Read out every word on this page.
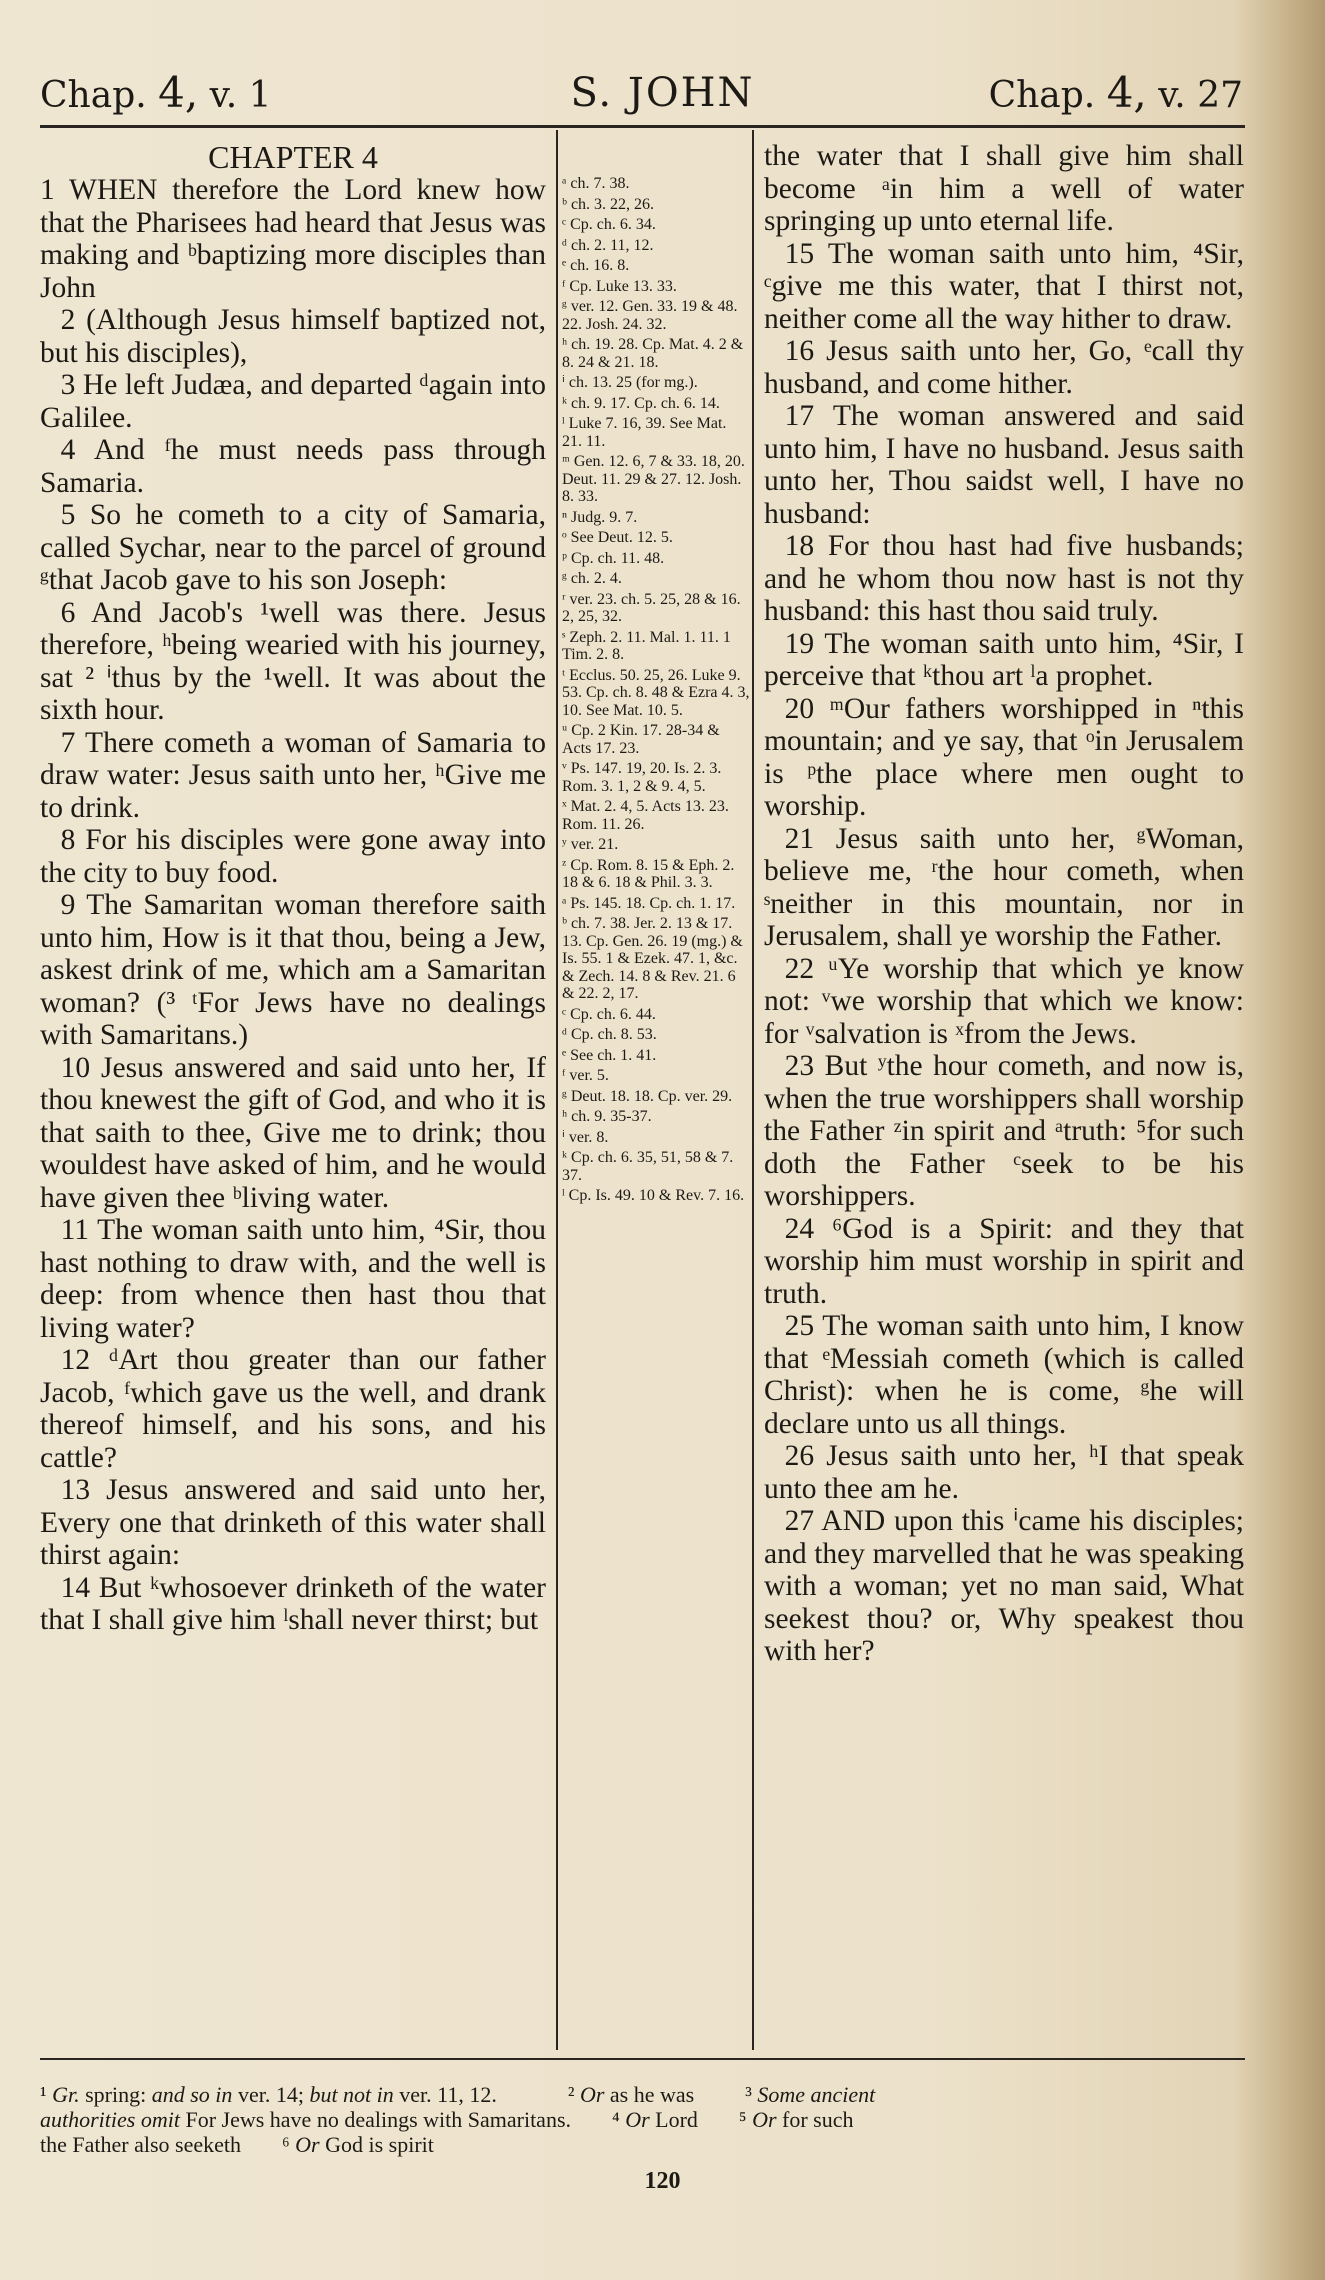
Chap. 4, v. 1	S. JOHN	Chap. 4, v. 27
CHAPTER 4
1 WHEN therefore the Lord knew how that the Pharisees had heard that Jesus was making and ᵇbaptizing more disciples than John
2 (Although Jesus himself baptized not, but his disciples),
3 He left Judæa, and departed ᵈagain into Galilee.
4 And ᶠhe must needs pass through Samaria.
5 So he cometh to a city of Samaria, called Sychar, near to the parcel of ground ᵍthat Jacob gave to his son Joseph:
6 And Jacob's ¹well was there. Jesus therefore, ʰbeing wearied with his journey, sat ² ⁱthus by the ¹well. It was about the sixth hour.
7 There cometh a woman of Samaria to draw water: Jesus saith unto her, ʰGive me to drink.
8 For his disciples were gone away into the city to buy food.
9 The Samaritan woman therefore saith unto him, How is it that thou, being a Jew, askest drink of me, which am a Samaritan woman? (³ ᵗFor Jews have no dealings with Samaritans.)
10 Jesus answered and said unto her, If thou knewest the gift of God, and who it is that saith to thee, Give me to drink; thou wouldest have asked of him, and he would have given thee ᵇliving water.
11 The woman saith unto him, ⁴Sir, thou hast nothing to draw with, and the well is deep: from whence then hast thou that living water?
12 ᵈArt thou greater than our father Jacob, ᶠwhich gave us the well, and drank thereof himself, and his sons, and his cattle?
13 Jesus answered and said unto her, Every one that drinketh of this water shall thirst again:
14 But ᵏwhosoever drinketh of the water that I shall give him ˡshall never thirst; but
ᵃ ch. 7. 38.
ᵇ ch. 3. 22, 26.
ᶜ Cp. ch. 6. 34.
ᵈ ch. 2. 11, 12.
ᵉ ch. 16. 8.
ᶠ Cp. Luke 13. 33.
ᵍ ver. 12. Gen. 33. 19 & 48. 22. Josh. 24. 32.
ʰ ch. 19. 28. Cp. Mat. 4. 2 & 8. 24 & 21. 18.
ⁱ ch. 13. 25 (for mg.).
ᵏ ch. 9. 17. Cp. ch. 6. 14.
ˡ Luke 7. 16, 39. See Mat. 21. 11.
ᵐ Gen. 12. 6, 7 & 33. 18, 20. Deut. 11. 29 & 27. 12. Josh. 8. 33.
ⁿ Judg. 9. 7.
ᵒ See Deut. 12. 5.
ᵖ Cp. ch. 11. 48.
ᵍ ch. 2. 4.
ʳ ver. 23. ch. 5. 25, 28 & 16. 2, 25, 32.
ˢ Zeph. 2. 11. Mal. 1. 11. 1 Tim. 2. 8.
ᵗ Ecclus. 50. 25, 26. Luke 9. 53. Cp. ch. 8. 48 & Ezra 4. 3, 10. See Mat. 10. 5.
ᵘ Cp. 2 Kin. 17. 28-34 & Acts 17. 23.
ᵛ Ps. 147. 19, 20. Is. 2. 3. Rom. 3. 1, 2 & 9. 4, 5.
ˣ Mat. 2. 4, 5. Acts 13. 23. Rom. 11. 26.
ʸ ver. 21.
ᶻ Cp. Rom. 8. 15 & Eph. 2. 18 & 6. 18 & Phil. 3. 3.
ᵃ Ps. 145. 18. Cp. ch. 1. 17.
ᵇ ch. 7. 38. Jer. 2. 13 & 17. 13. Cp. Gen. 26. 19 (mg.) & Is. 55. 1 & Ezek. 47. 1, &c. & Zech. 14. 8 & Rev. 21. 6 & 22. 2, 17.
ᶜ Cp. ch. 6. 44.
ᵈ Cp. ch. 8. 53.
ᵉ See ch. 1. 41.
ᶠ ver. 5.
ᵍ Deut. 18. 18. Cp. ver. 29.
ʰ ch. 9. 35-37.
ⁱ ver. 8.
ᵏ Cp. ch. 6. 35, 51, 58 & 7. 37.
ˡ Cp. Is. 49. 10 & Rev. 7. 16.
the water that I shall give him shall become ᵃin him a well of water springing up unto eternal life.
15 The woman saith unto him, ⁴Sir, ᶜgive me this water, that I thirst not, neither come all the way hither to draw.
16 Jesus saith unto her, Go, ᵉcall thy husband, and come hither.
17 The woman answered and said unto him, I have no husband. Jesus saith unto her, Thou saidst well, I have no husband:
18 For thou hast had five husbands; and he whom thou now hast is not thy husband: this hast thou said truly.
19 The woman saith unto him, ⁴Sir, I perceive that ᵏthou art ˡa prophet.
20 ᵐOur fathers worshipped in ⁿthis mountain; and ye say, that ᵒin Jerusalem is ᵖthe place where men ought to worship.
21 Jesus saith unto her, ᵍWoman, believe me, ʳthe hour cometh, when ˢneither in this mountain, nor in Jerusalem, shall ye worship the Father.
22 ᵘYe worship that which ye know not: ᵛwe worship that which we know: for ᵛsalvation is ˣfrom the Jews.
23 But ʸthe hour cometh, and now is, when the true worshippers shall worship the Father ᶻin spirit and ᵃtruth: ⁵for such doth the Father ᶜseek to be his worshippers.
24 ⁶God is a Spirit: and they that worship him must worship in spirit and truth.
25 The woman saith unto him, I know that ᵉMessiah cometh (which is called Christ): when he is come, ᵍhe will declare unto us all things.
26 Jesus saith unto her, ʰI that speak unto thee am he.
27 AND upon this ⁱcame his disciples; and they marvelled that he was speaking with a woman; yet no man said, What seekest thou? or, Why speakest thou with her?
¹ Gr. spring: and so in ver. 14; but not in ver. 11, 12.	² Or as he was ³ Some ancient
authorities omit For Jews have no dealings with Samaritans. ⁴ Or Lord ⁵ Or for such
the Father also seeketh ⁶ Or God is spirit
120
